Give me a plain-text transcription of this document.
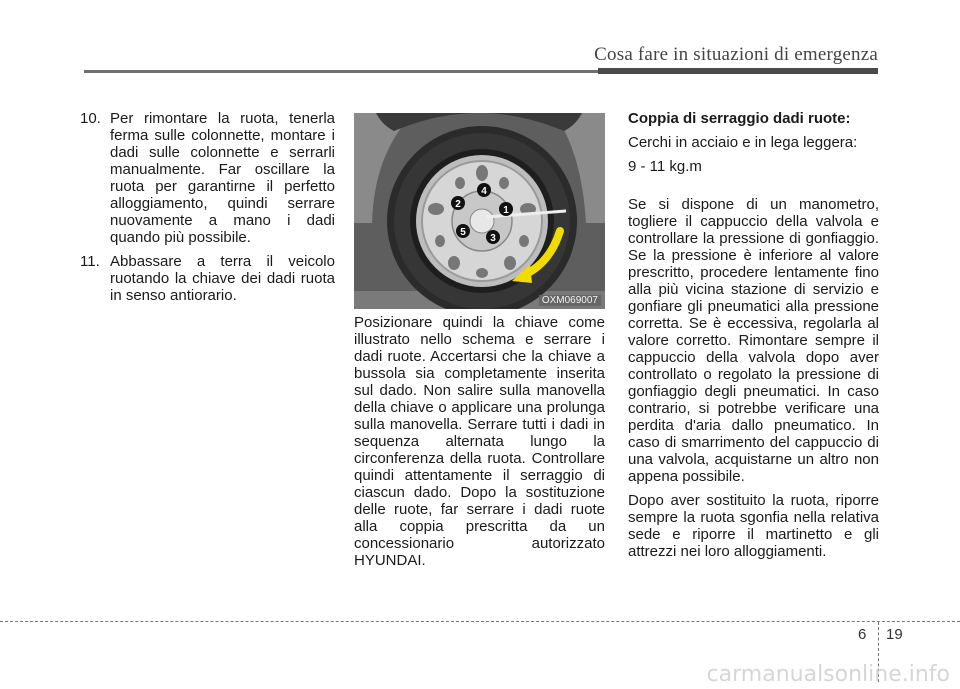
Cosa fare in situazioni di emergenza
10. Per rimontare la ruota, tenerla ferma sulle colonnette, montare i dadi sulle colonnette e serrarli manualmente. Far oscillare la ruota per garantirne il perfetto alloggiamento, quindi serrare nuovamente a mano i dadi quando più possibile.
11. Abbassare a terra il veicolo ruotando la chiave dei dadi ruota in senso antiorario.
1
2
3
4
5
OXM069007

Posizionare quindi la chiave come illustrato nello schema e serrare i dadi ruote. Accertarsi che la chiave a bussola sia completamente inserita sul dado. Non salire sulla manovella della chiave o applicare una prolunga sulla manovella. Serrare tutti i dadi in sequenza alternata lungo la circonferenza della ruota. Controllare quindi attentamente il serraggio di ciascun dado. Dopo la sostituzione delle ruote, far serrare i dadi ruote alla coppia prescritta da un concessionario autorizzato HYUNDAI.

Coppia di serraggio dadi ruote:

Cerchi in acciaio e in lega leggera:

9 - 11 kg.m

Se si dispone di un manometro, togliere il cappuccio della valvola e controllare la pressione di gonfiaggio. Se la pressione è inferiore al valore prescritto, procedere lentamente fino alla più vicina stazione di servizio e gonfiare gli pneumatici alla pressione corretta. Se è eccessiva, regolarla al valore corretto. Rimontare sempre il cappuccio della valvola dopo aver controllato o regolato la pressione di gonfiaggio degli pneumatici. In caso contrario, si potrebbe verificare una perdita d'aria dallo pneumatico. In caso di smarrimento del cappuccio di una valvola, acquistarne un altro non appena possibile.

Dopo aver sostituito la ruota, riporre sempre la ruota sgonfia nella relativa sede e riporre il martinetto e gli attrezzi nei loro alloggiamenti.

6 19
carmanualsonline.info
